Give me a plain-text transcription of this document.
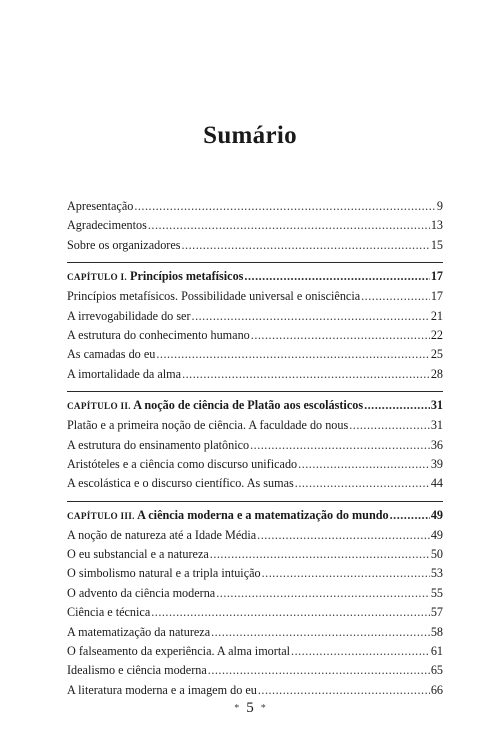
Sumário
Apresentação .....	9
Agradecimentos .....	13
Sobre os organizadores .....	15
CAPÍTULO I. Princípios metafísicos .....	17
Princípios metafísicos. Possibilidade universal e onisciência .....	17
A irrevogabilidade do ser .....	21
A estrutura do conhecimento humano .....	22
As camadas do eu .....	25
A imortalidade da alma .....	28
CAPÍTULO II. A noção de ciência de Platão aos escolásticos .....	31
Platão e a primeira noção de ciência. A faculdade do nous .....	31
A estrutura do ensinamento platônico .....	36
Aristóteles e a ciência como discurso unificado .....	39
A escolástica e o discurso científico. As sumas .....	44
CAPÍTULO III. A ciência moderna e a matematização do mundo .....	49
A noção de natureza até a Idade Média .....	49
O eu substancial e a natureza .....	50
O simbolismo natural e a tripla intuição .....	53
O advento da ciência moderna .....	55
Ciência e técnica .....	57
A matematização da natureza .....	58
O falseamento da experiência. A alma imortal .....	61
Idealismo e ciência moderna .....	65
A literatura moderna e a imagem do eu .....	66
* 5 *
